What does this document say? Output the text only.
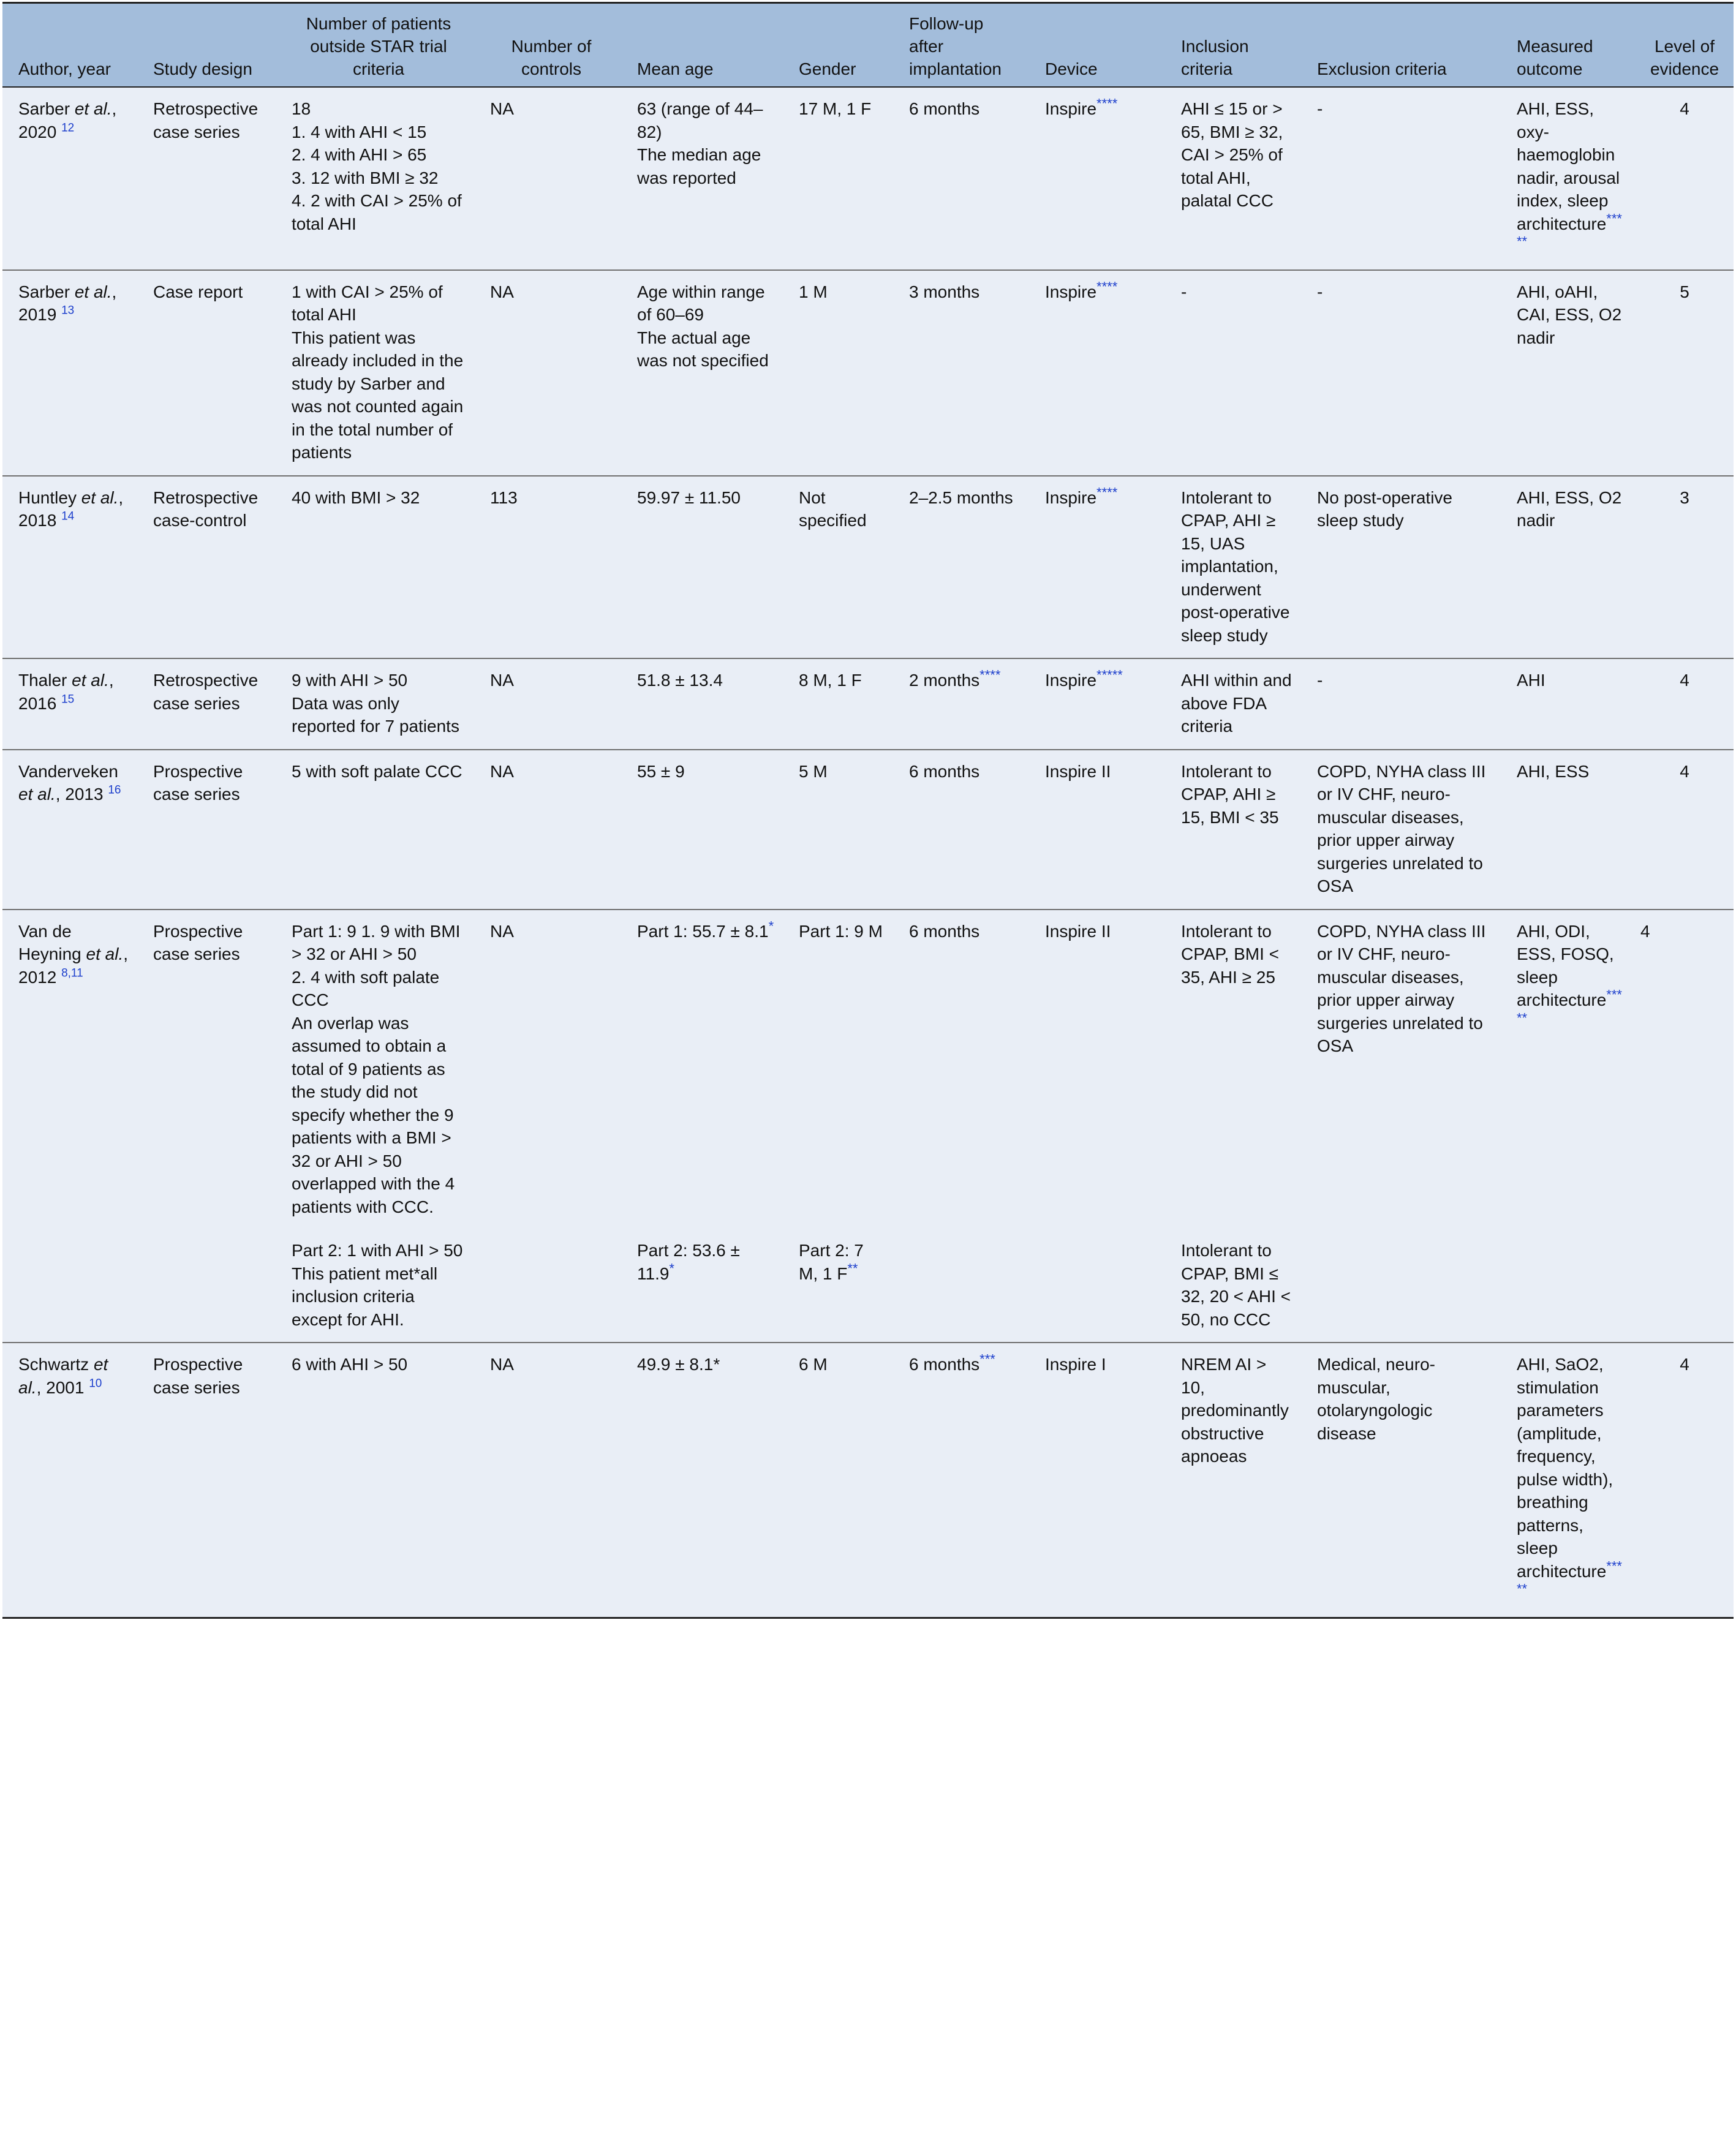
Author, year	Study design	Number of patients outside STAR trial criteria	Number of controls	Mean age	Gender	Follow-up after implantation	Device	Inclusion criteria	Exclusion criteria	Measured outcome	Level of evidence
Sarber et al., 2020 $^{12}$	Retrospective case series	18
1. 4 with AHI < 15
2. 4 with AHI > 65
3. 12 with BMI ≥ 32
4. 2 with CAI > 25% of total AHI	NA	63 (range of 44–82)
The median age was reported	17 M, 1 F	6 months	Inspire****	AHI ≤ 15 or > 65, BMI ≥ 32, CAI > 25% of total AHI, palatal CCC	-	AHI, ESS, oxy-haemoglobin nadir, arousal index, sleep architecture*****	4
Sarber et al., 2019 $^{13}$	Case report	1 with CAI > 25% of total AHI
This patient was already included in the study by Sarber and was not counted again in the total number of patients	NA	Age within range of 60–69
The actual age was not specified	1 M	3 months	Inspire****	-	-	AHI, oAHI, CAI, ESS, O2 nadir	5
Huntley et al., 2018 $^{14}$	Retrospective case-control	40 with BMI > 32	113	59.97 ± 11.50	Not specified	2–2.5 months	Inspire****	Intolerant to CPAP, AHI ≥ 15, UAS implantation, underwent post-operative sleep study	No post-operative sleep study	AHI, ESS, O2 nadir	3
Thaler et al., 2016 $^{15}$	Retrospective case series	9 with AHI > 50
Data was only reported for 7 patients	NA	51.8 ± 13.4	8 M, 1 F	2 months****	Inspire*****	AHI within and above FDA criteria	-	AHI	4
Vanderveken et al., 2013 $^{16}$	Prospective case series	5 with soft palate CCC	NA	55 ± 9	5 M	6 months	Inspire II	Intolerant to CPAP, AHI ≥ 15, BMI < 35	COPD, NYHA class III or IV CHF, neuro-muscular diseases, prior upper airway surgeries unrelated to OSA	AHI, ESS	4
Van de Heyning et al., 2012 $^{8,11}$	Prospective case series	Part 1: 9 1. 9 with BMI > 32 or AHI > 50
2. 4 with soft palate CCC
An overlap was assumed to obtain a total of 9 patients as the study did not specify whether the 9 patients with a BMI > 32 or AHI > 50 overlapped with the 4 patients with CCC.	NA	Part 1: 55.7 ± 8.1*	Part 1: 9 M	6 months	Inspire II	Intolerant to CPAP, BMI < 35, AHI ≥ 25	COPD, NYHA class III or IV CHF, neuro-muscular diseases, prior upper airway surgeries unrelated to OSA	AHI, ODI, ESS, FOSQ, sleep architecture*****	4

		Part 2: 1 with AHI > 50
This patient met*all inclusion criteria except for AHI.		Part 2: 53.6 ± 11.9*	Part 2: 7 M, 1 F**			Intolerant to CPAP, BMI ≤ 32, 20 < AHI < 50, no CCC			
Schwartz et al., 2001 $^{10}$	Prospective case series	6 with AHI > 50	NA	49.9 ± 8.1*	6 M	6 months***	Inspire I	NREM AI > 10, predominantly obstructive apnoeas	Medical, neuro-muscular, otolaryngologic disease	AHI, SaO2, stimulation parameters (amplitude, frequency, pulse width), breathing patterns, sleep architecture*****	4
